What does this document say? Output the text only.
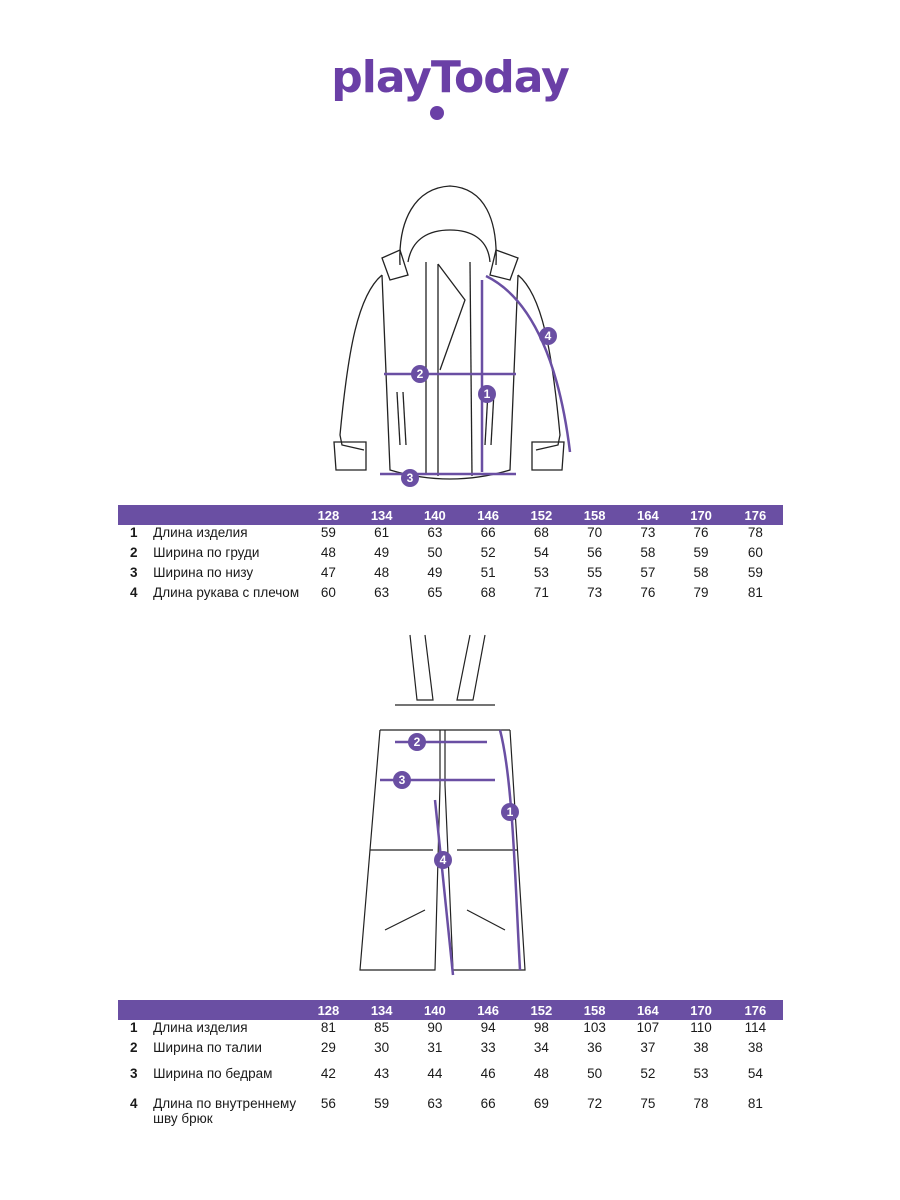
playToday
2
1
3
4
		128	134	140	146	152	158	164	170	176
1	Длина изделия	59	61	63	66	68	70	73	76	78
2	Ширина по груди	48	49	50	52	54	56	58	59	60
3	Ширина по низу	47	48	49	51	53	55	57	58	59
4	Длина рукава с плечом	60	63	65	68	71	73	76	79	81
2
3
4
1
		128	134	140	146	152	158	164	170	176
1	Длина изделия	81	85	90	94	98	103	107	110	114
2	Ширина по талии	29	30	31	33	34	36	37	38	38
3	Ширина по бедрам	42	43	44	46	48	50	52	53	54
4	Длина по внутреннему шву брюк	56	59	63	66	69	72	75	78	81
